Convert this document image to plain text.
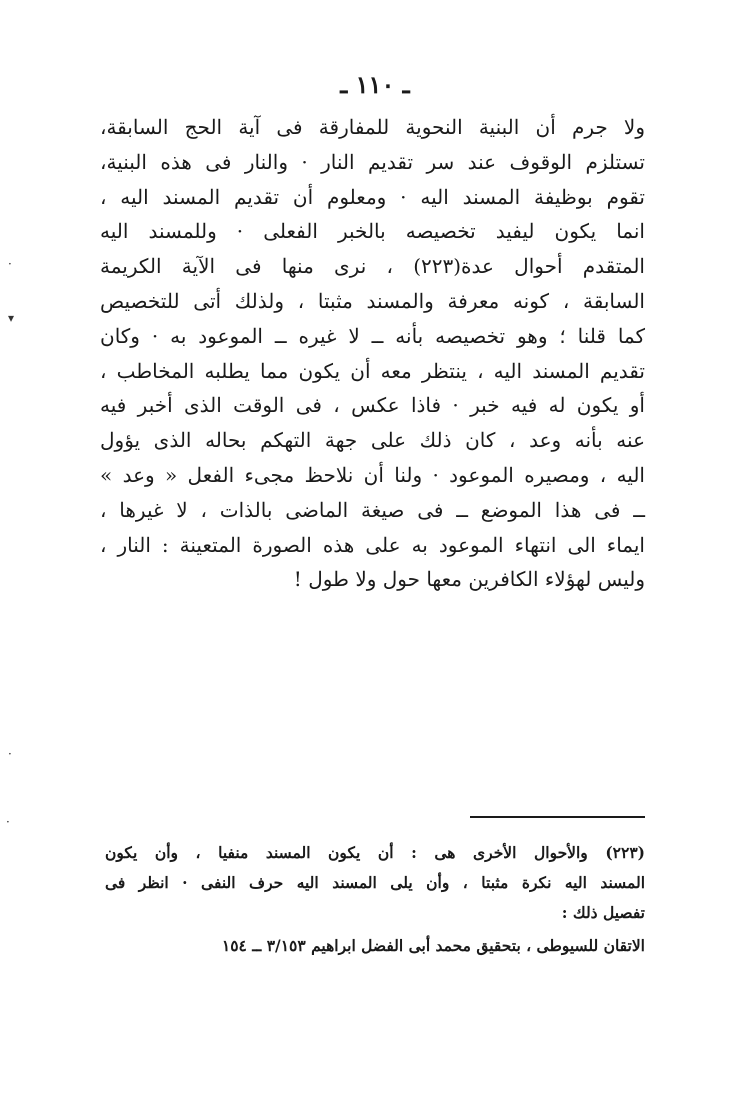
ـ ١١٠ ـ
ولا جرم أن البنية النحوية للمفارقة فى آية الحج السابقة،
تستلزم الوقوف عند سر تقديم النار · والنار فى هذه البنية،
تقوم بوظيفة المسند اليه · ومعلوم أن تقديم المسند اليه ،
انما يكون ليفيد تخصيصه بالخبر الفعلى · وللمسند اليه
المتقدم أحوال عدة(٢٢٣) ، نرى منها فى الآية الكريمة
السابقة ، كونه معرفة والمسند مثبتا ، ولذلك أتى للتخصيص
كما قلنا ؛ وهو تخصيصه بأنه ــ لا غيره ــ الموعود به · وكان
تقديم المسند اليه ، ينتظر معه أن يكون مما يطلبه المخاطب ،
أو يكون له فيه خبر · فاذا عكس ، فى الوقت الذى أخبر فيه
عنه بأنه وعد ، كان ذلك على جهة التهكم بحاله الذى يؤول
اليه ، ومصيره الموعود · ولنا أن نلاحظ مجىء الفعل « وعد »
ــ فى هذا الموضع ــ فى صيغة الماضى بالذات ، لا غيرها ،
ايماء الى انتهاء الموعود به على هذه الصورة المتعينة : النار ،
وليس لهؤلاء الكافرين معها حول ولا طول !
(٢٢٣) والأحوال الأخرى هى : أن يكون المسند منفيا ، وأن يكون
المسند اليه نكرة مثبتا ، وأن يلى المسند اليه حرف النفى · انظر فى
تفصيل ذلك :
الاتقان للسيوطى ، بتحقيق محمد أبى الفضل ابراهيم ٣/١٥٣ ــ ١٥٤
·
▾
·
·
